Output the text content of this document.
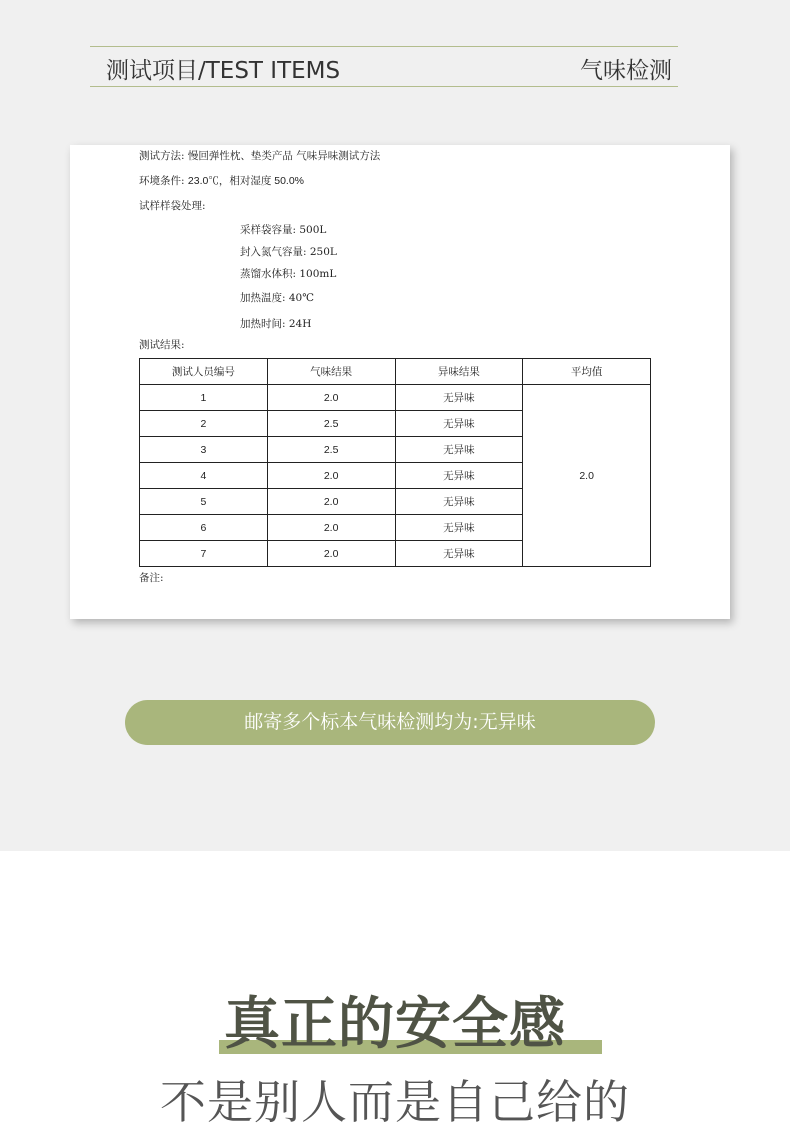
测试项目/TEST ITEMS	气味检测
测试方法: 慢回弹性枕、垫类产品 气味异味测试方法
环境条件: 23.0℃，相对湿度 50.0%
试样样袋处理:
采样袋容量: 500L
封入氮气容量: 250L
蒸馏水体积: 100mL
加热温度: 40℃
加热时间: 24H
测试结果:
测试人员编号	气味结果	异味结果	平均值
1	2.0	无异味	2.0
2	2.5	无异味	
3	2.5	无异味	
4	2.0	无异味	
5	2.0	无异味	
6	2.0	无异味	
7	2.0	无异味	
备注:
邮寄多个标本气味检测均为:无异味
真正的安全感
不是别人而是自己给的
